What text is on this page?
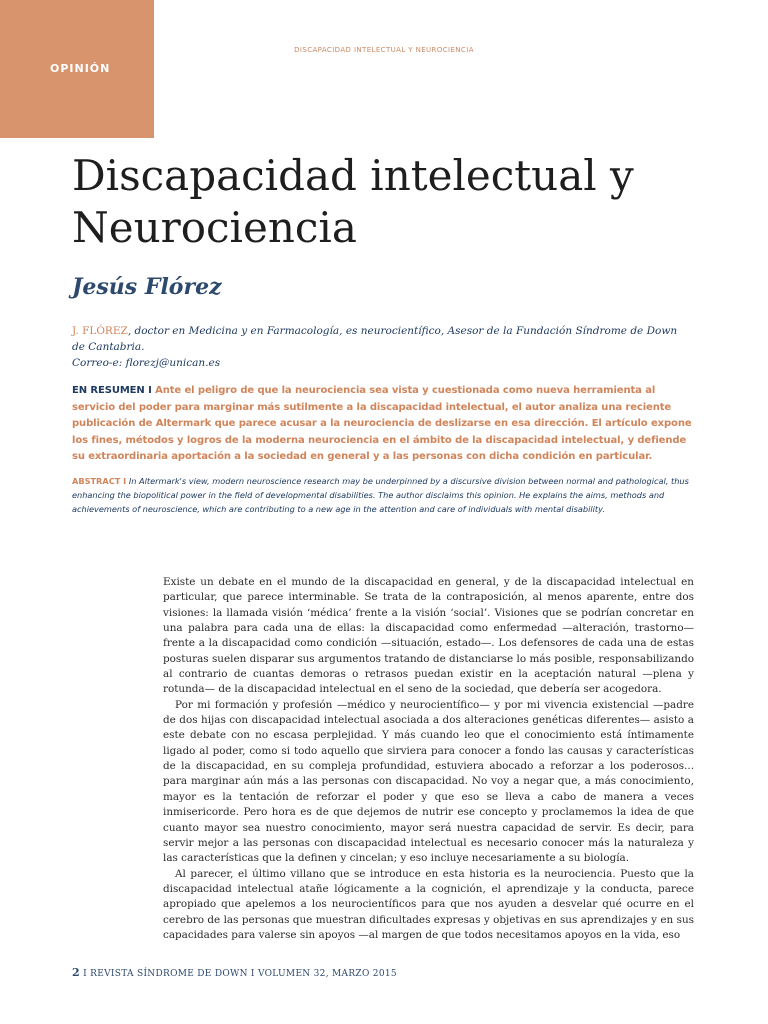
OPINIÓN
DISCAPACIDAD INTELECTUAL Y NEUROCIENCIA
Discapacidad intelectual y
Neurociencia
Jesús Flórez
J. FLÓREZ, doctor en Medicina y en Farmacología, es neurocientífico, Asesor de la Fundación Síndrome de Down de Cantabria.
Correo-e: florezj@unican.es
EN RESUMEN I Ante el peligro de que la neurociencia sea vista y cuestionada como nueva herramienta al servicio del poder para marginar más sutilmente a la discapacidad intelectual, el autor analiza una reciente publicación de Altermark que parece acusar a la neurociencia de deslizarse en esa dirección. El artículo expone los fines, métodos y logros de la moderna neurociencia en el ámbito de la discapacidad intelectual, y defiende su extraordinaria aportación a la sociedad en general y a las personas con dicha condición en particular.
ABSTRACT I In Altermark's view, modern neuroscience research may be underpinned by a discursive division between normal and pathological, thus enhancing the biopolitical power in the field of developmental disabilities. The author disclaims this opinion. He explains the aims, methods and achievements of neuroscience, which are contributing to a new age in the attention and care of individuals with mental disability.

Existe un debate en el mundo de la discapacidad en general, y de la discapacidad intelectual en particular, que parece interminable. Se trata de la contraposición, al menos aparente, entre dos visiones: la llamada visión ‘médica’ frente a la visión ‘social’. Visiones que se podrían concretar en una palabra para cada una de ellas: la discapacidad como enfermedad —alteración, trastorno— frente a la discapacidad como condición —situación, estado—. Los defensores de cada una de estas posturas suelen disparar sus argumentos tratando de distanciarse lo más posible, responsabilizando al contrario de cuantas demoras o retrasos puedan existir en la aceptación natural —plena y rotunda— de la discapacidad intelectual en el seno de la sociedad, que debería ser acogedora.

Por mi formación y profesión —médico y neurocientífico— y por mi vivencia existencial —padre de dos hijas con discapacidad intelectual asociada a dos alteraciones genéticas diferentes— asisto a este debate con no escasa perplejidad. Y más cuando leo que el conocimiento está íntimamente ligado al poder, como si todo aquello que sirviera para conocer a fondo las causas y características de la discapacidad, en su compleja profundidad, estuviera abocado a reforzar a los poderosos... para marginar aún más a las personas con discapacidad. No voy a negar que, a más conocimiento, mayor es la tentación de reforzar el poder y que eso se lleva a cabo de manera a veces inmisericorde. Pero hora es de que dejemos de nutrir ese concepto y proclamemos la idea de que cuanto mayor sea nuestro conocimiento, mayor será nuestra capacidad de servir. Es decir, para servir mejor a las personas con discapacidad intelectual es necesario conocer más la naturaleza y las características que la definen y cincelan; y eso incluye necesariamente a su biología.

Al parecer, el último villano que se introduce en esta historia es la neurociencia. Puesto que la discapacidad intelectual atañe lógicamente a la cognición, el aprendizaje y la conducta, parece apropiado que apelemos a los neurocientíficos para que nos ayuden a desvelar qué ocurre en el cerebro de las personas que muestran dificultades expresas y objetivas en sus aprendizajes y en sus capacidades para valerse sin apoyos —al margen de que todos necesitamos apoyos en la vida, eso

2 I REVISTA SÍNDROME DE DOWN I VOLUMEN 32, MARZO 2015
